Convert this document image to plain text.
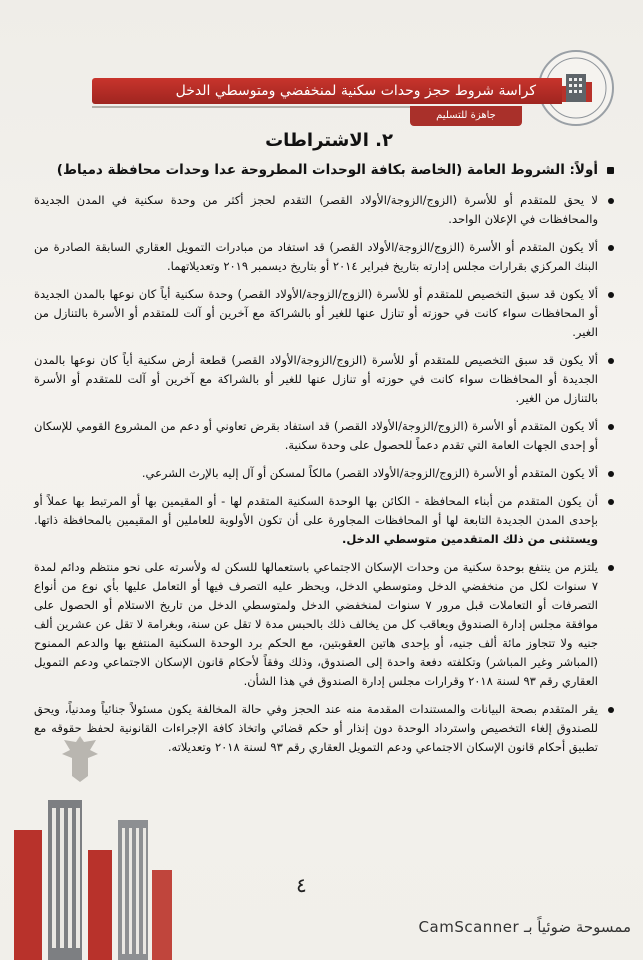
كراسة شروط حجز وحدات سكنية لمنخفضي ومتوسطي الدخل
جاهزة للتسليم
٢. الاشتراطات
أولاً: الشروط العامة (الخاصة بكافة الوحدات المطروحة عدا وحدات محافظة دمياط)
لا يحق للمتقدم أو للأسرة (الزوج/الزوجة/الأولاد القصر) التقدم لحجز أكثر من وحدة سكنية في المدن الجديدة والمحافظات في الإعلان الواحد.
ألا يكون المتقدم أو الأسرة (الزوج/الزوجة/الأولاد القصر) قد استفاد من مبادرات التمويل العقاري السابقة الصادرة من البنك المركزي بقرارات مجلس إدارته بتاريخ فبراير ٢٠١٤ أو بتاريخ ديسمبر ٢٠١٩ وتعديلاتهما.
ألا يكون قد سبق التخصيص للمتقدم أو للأسرة (الزوج/الزوجة/الأولاد القصر) وحدة سكنية أياً كان نوعها بالمدن الجديدة أو المحافظات سواء كانت في حوزته أو تنازل عنها للغير أو بالشراكة مع آخرين أو آلت للمتقدم أو الأسرة بالتنازل من الغير.
ألا يكون قد سبق التخصيص للمتقدم أو للأسرة (الزوج/الزوجة/الأولاد القصر) قطعة أرض سكنية أياً كان نوعها بالمدن الجديدة أو المحافظات سواء كانت في حوزته أو تنازل عنها للغير أو بالشراكة مع آخرين أو آلت للمتقدم أو الأسرة بالتنازل من الغير.
ألا يكون المتقدم أو الأسرة (الزوج/الزوجة/الأولاد القصر) قد استفاد بقرض تعاوني أو دعم من المشروع القومي للإسكان أو إحدى الجهات العامة التي تقدم دعماً للحصول على وحدة سكنية.
ألا يكون المتقدم أو الأسرة (الزوج/الزوجة/الأولاد القصر) مالكاً لمسكن أو آل إليه بالإرث الشرعي.
أن يكون المتقدم من أبناء المحافظة - الكائن بها الوحدة السكنية المتقدم لها - أو المقيمين بها أو المرتبط بها عملاً أو بإحدى المدن الجديدة التابعة لها أو المحافظات المجاورة على أن تكون الأولوية للعاملين أو المقيمين بالمحافظة ذاتها. ويستثنى من ذلك المتقدمين متوسطي الدخل.
يلتزم من ينتفع بوحدة سكنية من وحدات الإسكان الاجتماعي باستعمالها للسكن له ولأسرته على نحو منتظم ودائم لمدة ٧ سنوات لكل من منخفضي الدخل ومتوسطي الدخل، ويحظر عليه التصرف فيها أو التعامل عليها بأي نوع من أنواع التصرفات أو التعاملات قبل مرور ٧ سنوات لمنخفضي الدخل ولمتوسطي الدخل من تاريخ الاستلام أو الحصول على موافقة مجلس إدارة الصندوق ويعاقب كل من يخالف ذلك بالحبس مدة لا تقل عن سنة، وبغرامة لا تقل عن عشرين ألف جنيه ولا تتجاوز مائة ألف جنيه، أو بإحدى هاتين العقوبتين، مع الحكم برد الوحدة السكنية المنتفع بها والدعم الممنوح (المباشر وغير المباشر) وتكلفته دفعة واحدة إلى الصندوق، وذلك وفقاً لأحكام قانون الإسكان الاجتماعي ودعم التمويل العقاري رقم ٩٣ لسنة ٢٠١٨ وقرارات مجلس إدارة الصندوق في هذا الشأن.
يقر المتقدم بصحة البيانات والمستندات المقدمة منه عند الحجز وفي حالة المخالفة يكون مسئولاً جنائياً ومدنياً، ويحق للصندوق إلغاء التخصيص واسترداد الوحدة دون إنذار أو حكم قضائي واتخاذ كافة الإجراءات القانونية لحفظ حقوقه مع تطبيق أحكام قانون الإسكان الاجتماعي ودعم التمويل العقاري رقم ٩٣ لسنة ٢٠١٨ وتعديلاته.
٤
ممسوحة ضوئياً بـ CamScanner
